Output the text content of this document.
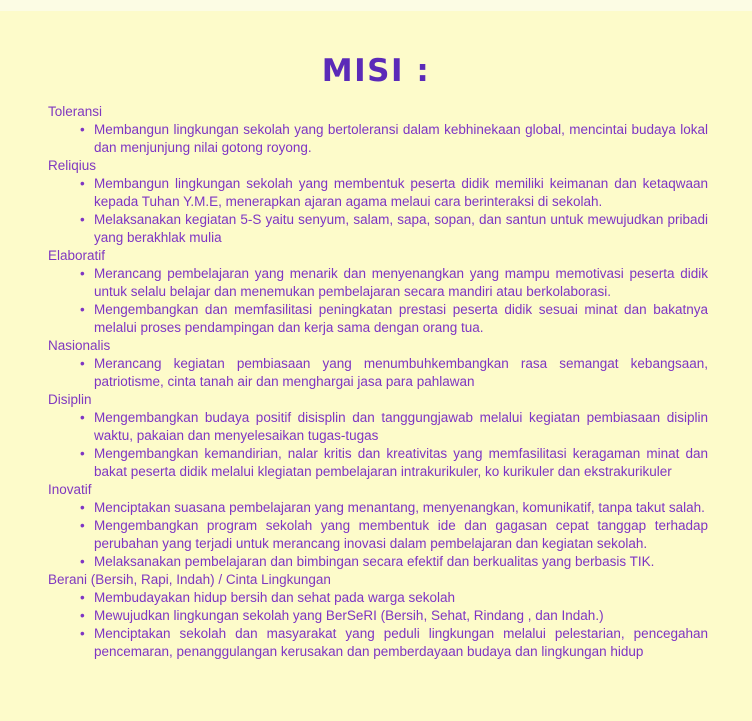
MISI :
Toleransi
• Membangun lingkungan sekolah yang bertoleransi dalam kebhinekaan global, mencintai budaya lokal dan menjunjung nilai gotong royong.
Reliqius
• Membangun lingkungan sekolah yang membentuk peserta didik memiliki keimanan dan ketaqwaan kepada Tuhan Y.M.E, menerapkan ajaran agama melaui cara berinteraksi di sekolah.
• Melaksanakan kegiatan 5-S yaitu senyum, salam, sapa, sopan, dan santun untuk mewujudkan pribadi yang berakhlak mulia
Elaboratif
• Merancang pembelajaran yang menarik dan menyenangkan yang mampu memotivasi peserta didik untuk selalu belajar dan menemukan pembelajaran secara mandiri atau berkolaborasi.
• Mengembangkan dan memfasilitasi peningkatan prestasi peserta didik sesuai minat dan bakatnya melalui proses pendampingan dan kerja sama dengan orang tua.
Nasionalis
• Merancang kegiatan pembiasaan yang menumbuhkembangkan rasa semangat kebangsaan, patriotisme, cinta tanah air dan menghargai jasa para pahlawan
Disiplin
• Mengembangkan budaya positif disisplin dan tanggungjawab melalui kegiatan pembiasaan disiplin waktu, pakaian dan menyelesaikan tugas-tugas
• Mengembangkan kemandirian, nalar kritis dan kreativitas yang memfasilitasi keragaman minat dan bakat peserta didik melalui klegiatan pembelajaran intrakurikuler, ko kurikuler dan ekstrakurikuler
Inovatif
• Menciptakan suasana pembelajaran yang menantang, menyenangkan, komunikatif, tanpa takut salah.
• Mengembangkan program sekolah yang membentuk ide dan gagasan cepat tanggap terhadap perubahan yang terjadi untuk merancang inovasi dalam pembelajaran dan kegiatan sekolah.
• Melaksanakan pembelajaran dan bimbingan secara efektif dan berkualitas yang berbasis TIK.
Berani (Bersih, Rapi, Indah) / Cinta Lingkungan
• Membudayakan hidup bersih dan sehat pada warga sekolah
• Mewujudkan lingkungan sekolah yang BerSeRI (Bersih, Sehat, Rindang , dan Indah.)
• Menciptakan sekolah dan masyarakat yang peduli lingkungan melalui pelestarian, pencegahan pencemaran, penanggulangan kerusakan dan pemberdayaan budaya dan lingkungan hidup
